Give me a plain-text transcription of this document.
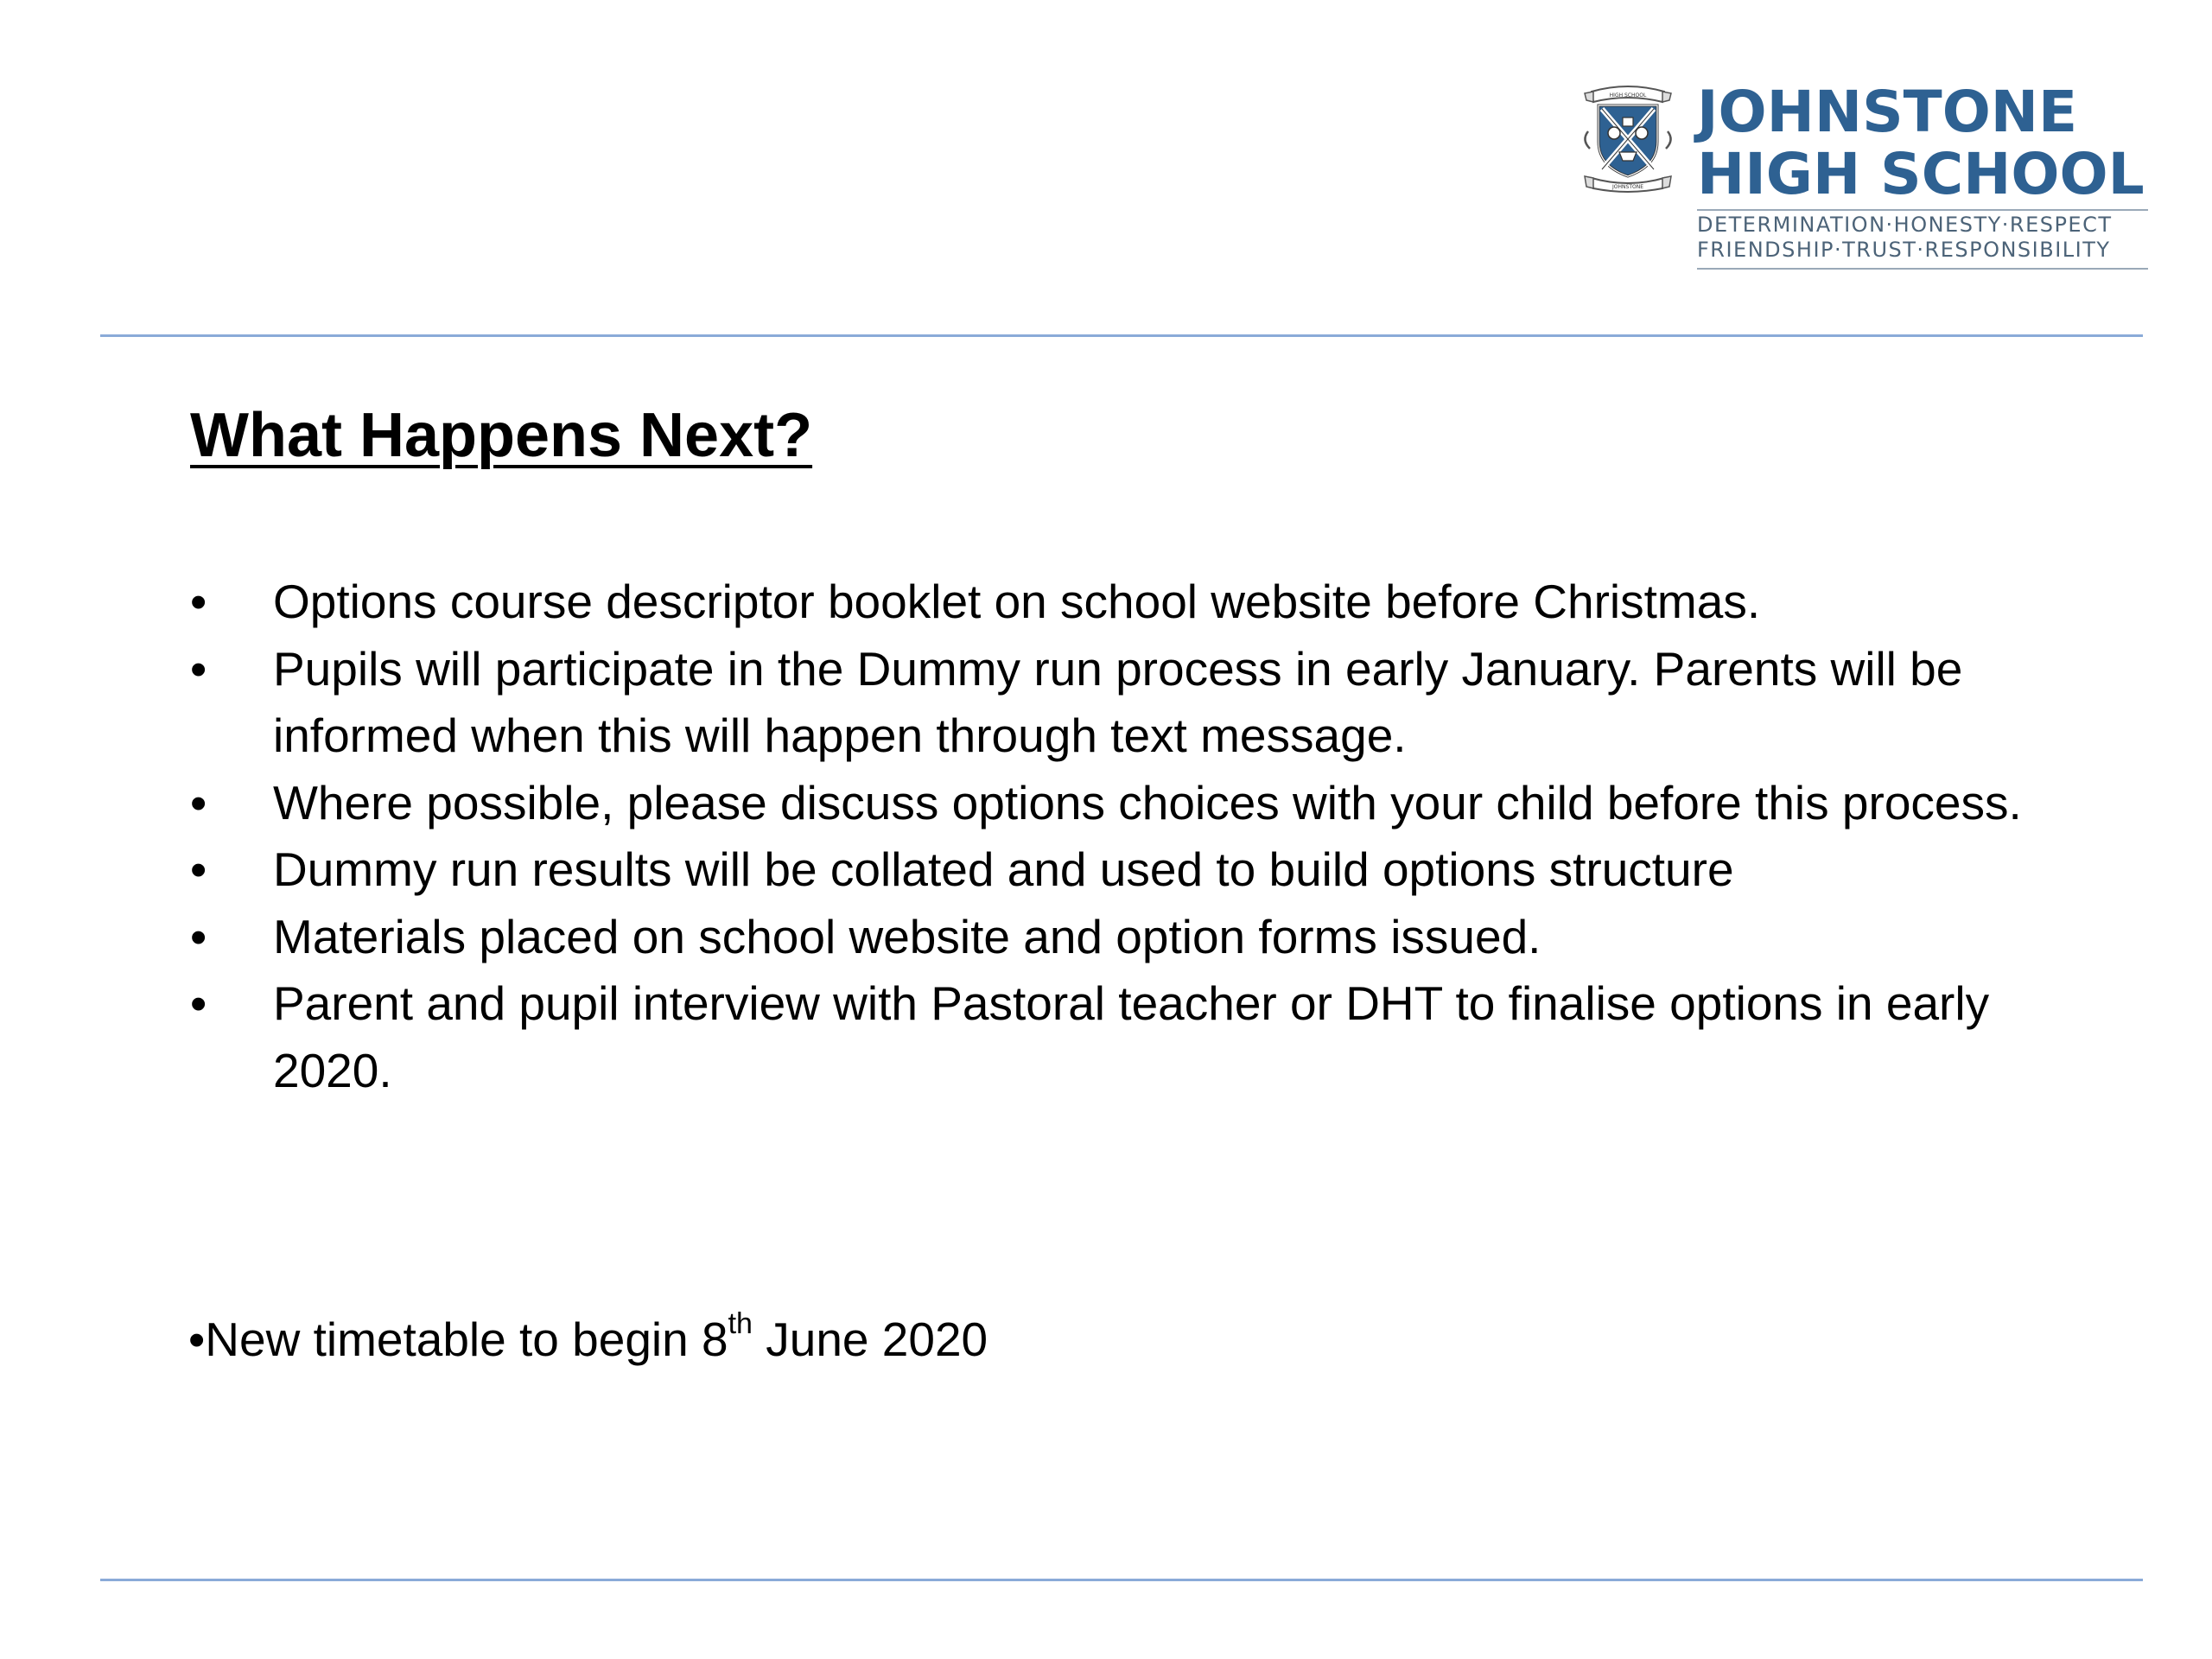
HIGH SCHOOL
JOHNSTONE
JOHNSTONE
HIGH SCHOOL
DETERMINATION·HONESTY·RESPECT
FRIENDSHIP·TRUST·RESPONSIBILITY
What Happens Next?
•	Options course descriptor booklet on school website before Christmas.
•	Pupils will participate in the Dummy run process in early January. Parents will be informed when this will happen through text message.
•	Where possible, please discuss options choices with your child before this process.
•	Dummy run results will be collated and used to build options structure
•	Materials placed on school website and option forms issued.
•	Parent and pupil interview with Pastoral teacher or DHT to finalise options in early 2020.
•New timetable to begin 8th June 2020
